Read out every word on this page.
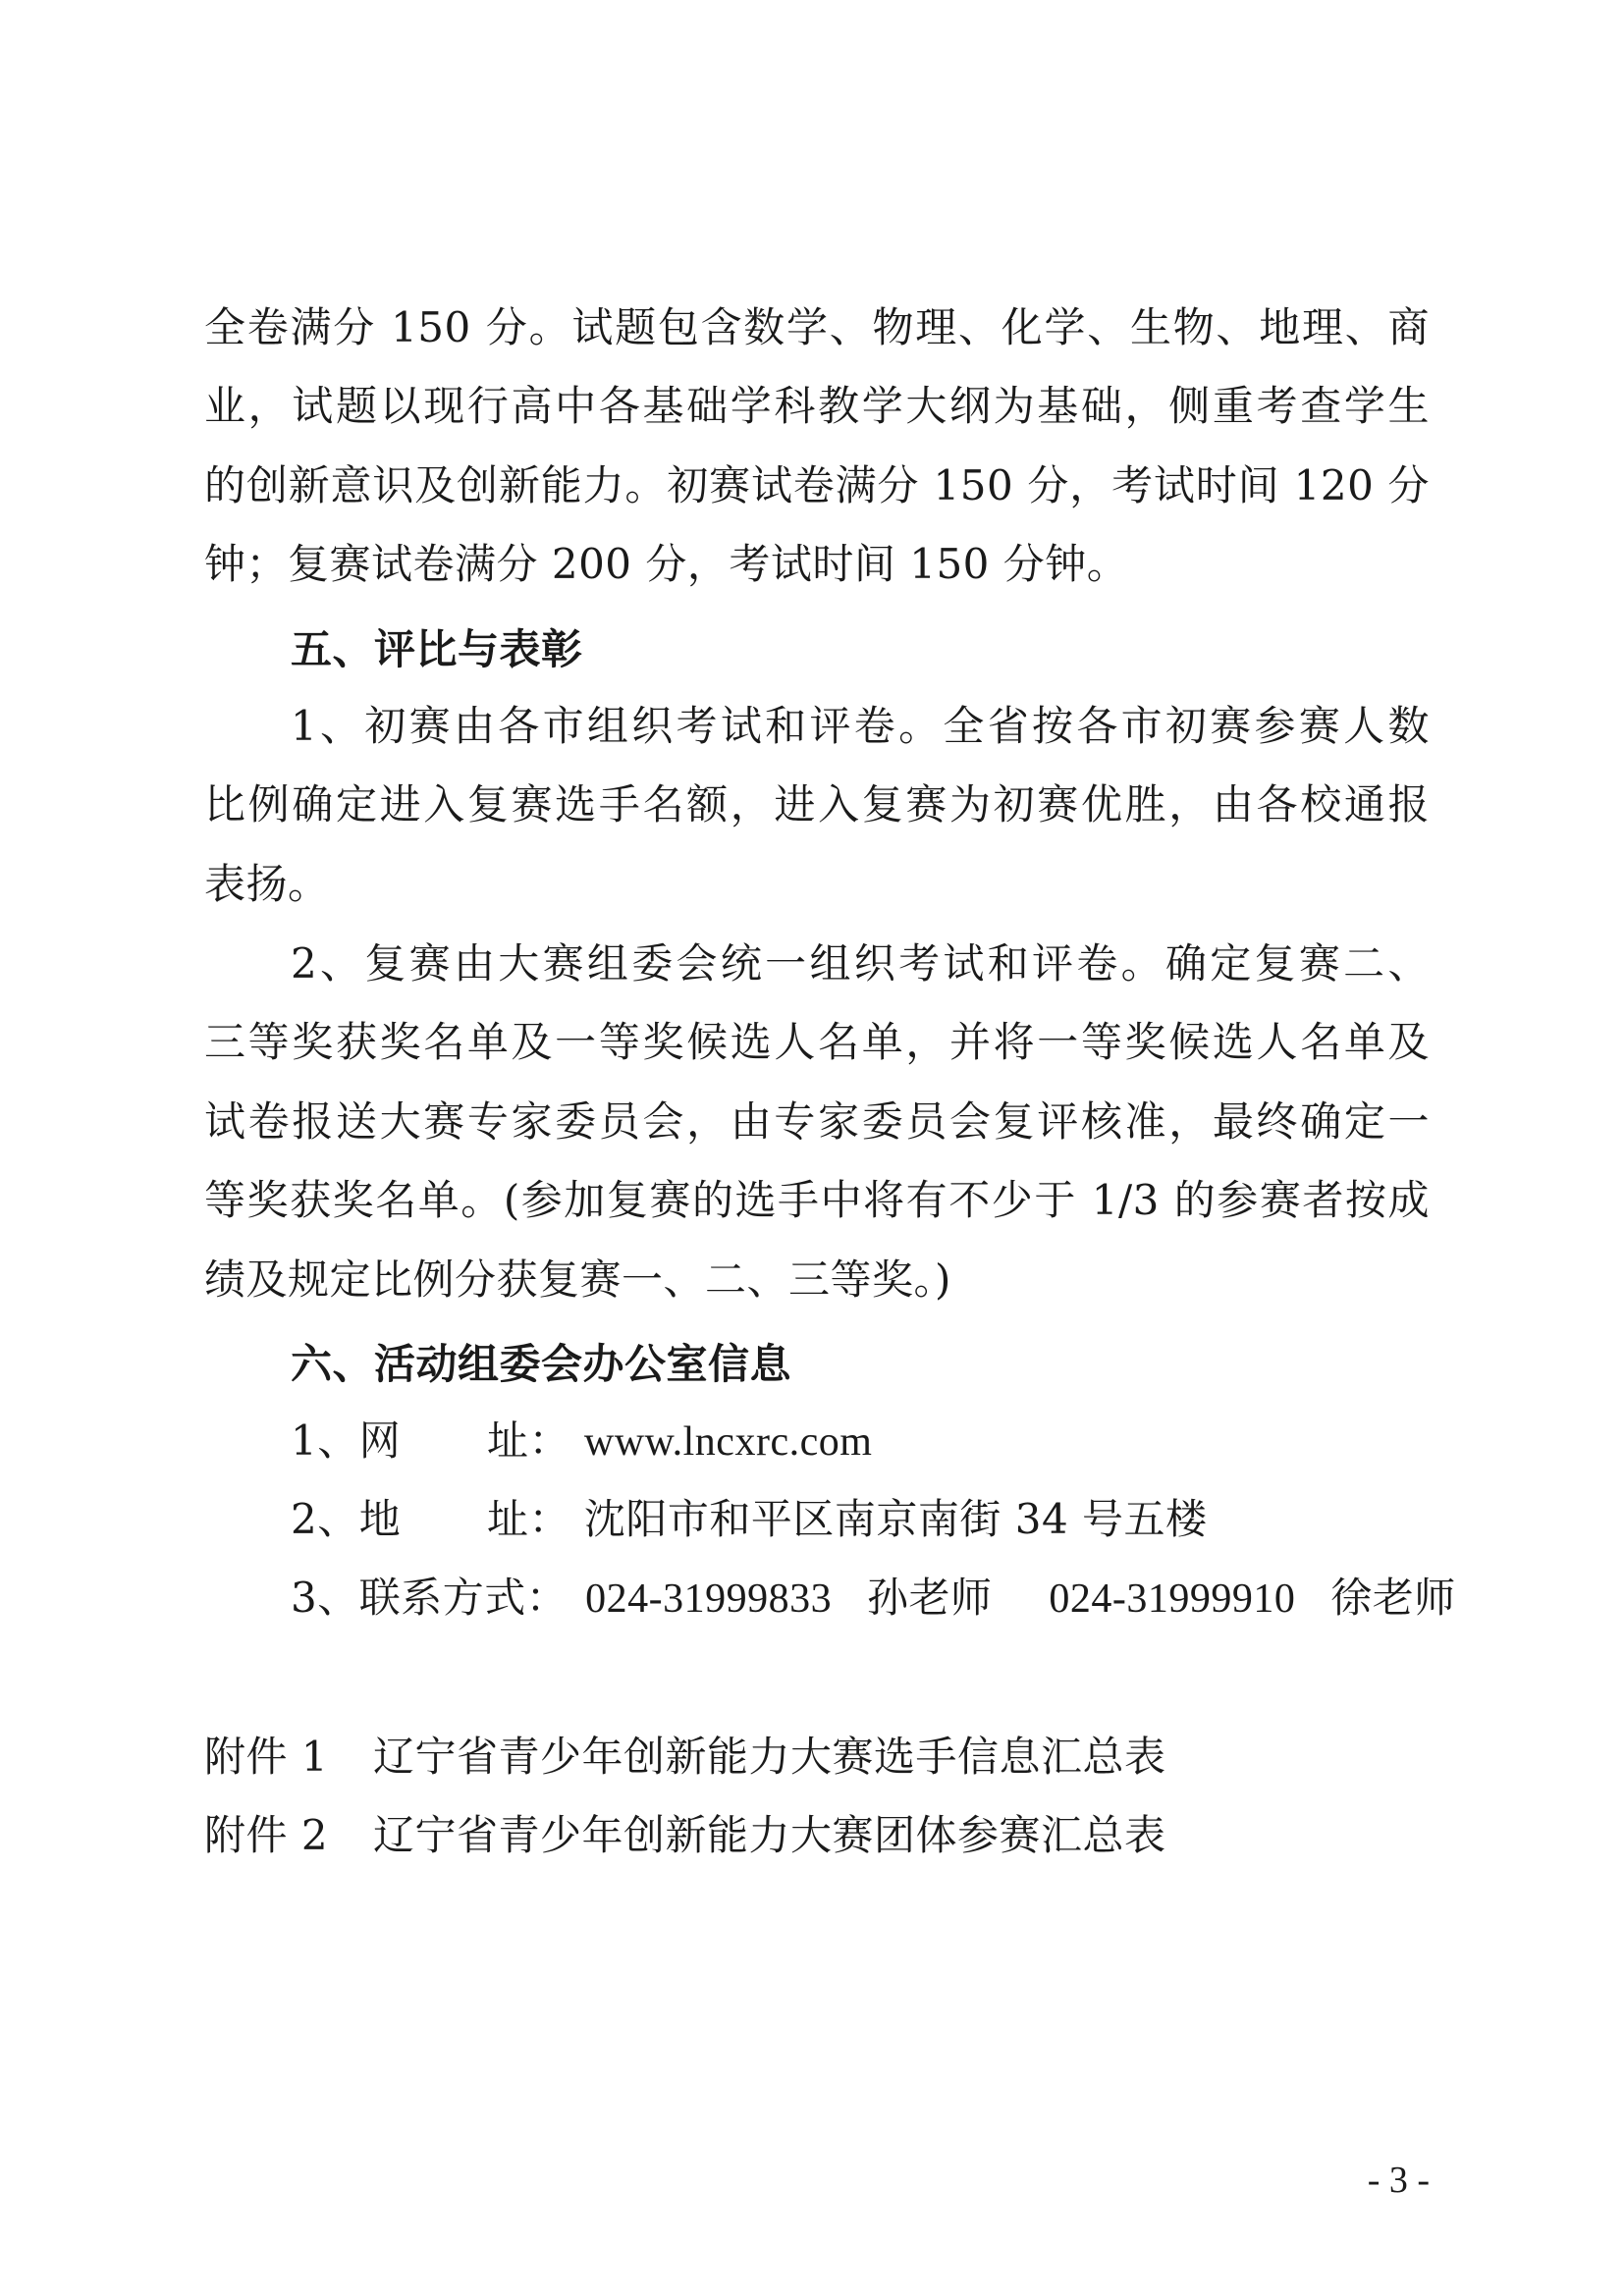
全卷满分 150 分。试题包含数学、物理、化学、生物、地理、商
业，试题以现行高中各基础学科教学大纲为基础，侧重考查学生
的创新意识及创新能力。初赛试卷满分 150 分，考试时间 120 分
钟；复赛试卷满分 200 分，考试时间 150 分钟。
五、评比与表彰
1、初赛由各市组织考试和评卷。全省按各市初赛参赛人数
比例确定进入复赛选手名额，进入复赛为初赛优胜，由各校通报
表扬。
2、复赛由大赛组委会统一组织考试和评卷。确定复赛二、
三等奖获奖名单及一等奖候选人名单，并将一等奖候选人名单及
试卷报送大赛专家委员会，由专家委员会复评核准，最终确定一
等奖获奖名单。(参加复赛的选手中将有不少于 1/3 的参赛者按成
绩及规定比例分获复赛一、二、三等奖。)
六、活动组委会办公室信息
1、网 址： www.lncxrc.com
2、地 址： 沈阳市和平区南京南街 34 号五楼
3、联系方式： 024-31999833 孙老师 024-31999910 徐老师
附件 1 辽宁省青少年创新能力大赛选手信息汇总表
附件 2 辽宁省青少年创新能力大赛团体参赛汇总表
- 3 -
